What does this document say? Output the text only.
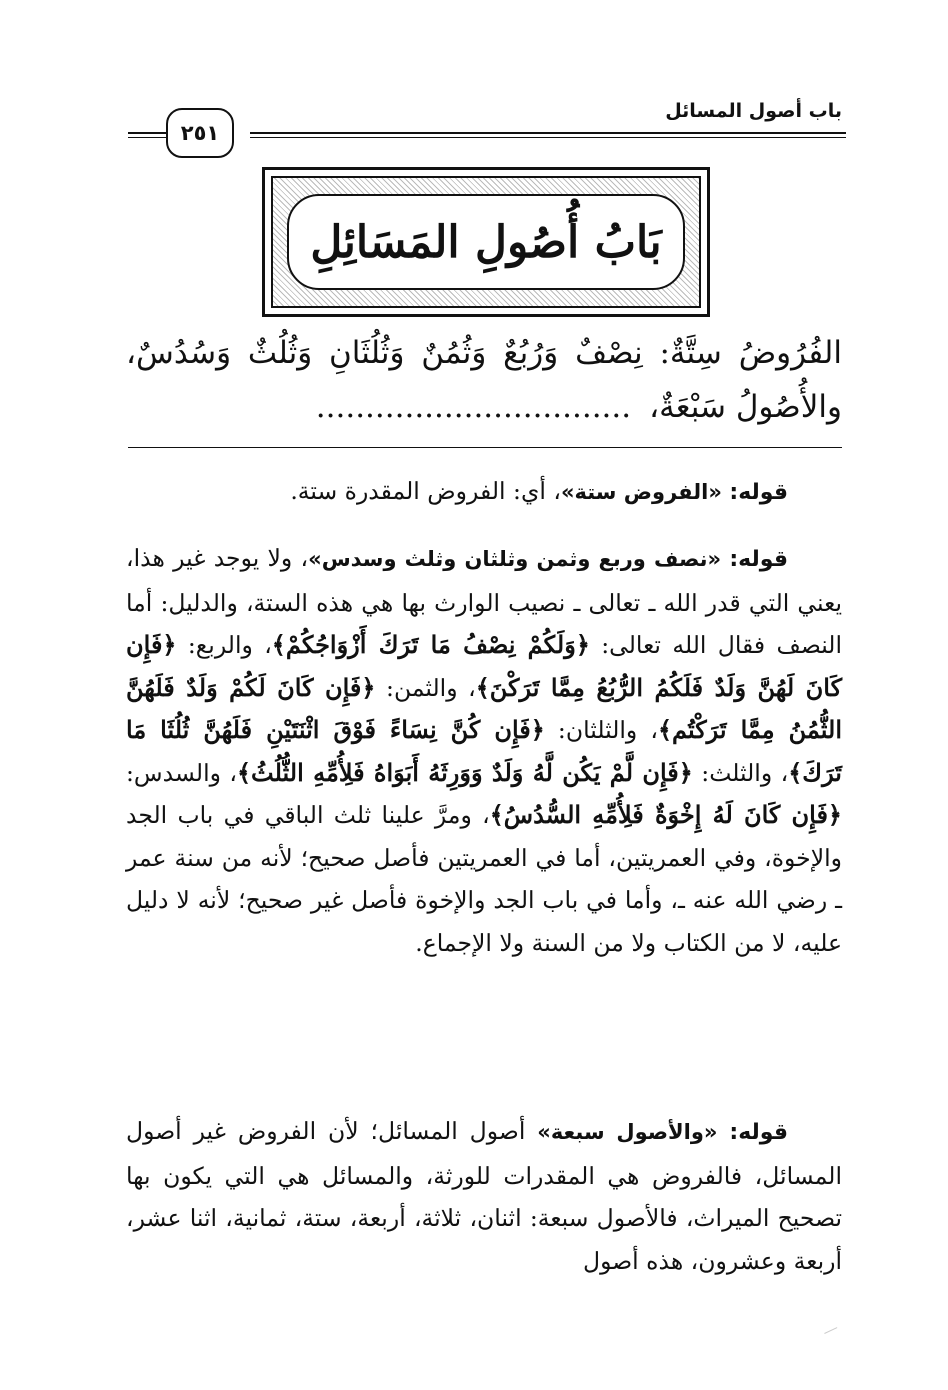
باب أصول المسائل
٢٥١
بَابُ أُصُولِ المَسَائِلِ
الفُرُوضُ سِتَّةٌ: نِصْفٌ وَرُبُعٌ وَثُمُنٌ وَثُلُثَانِ وَثُلُثٌ وَسُدُسٌ، والأُصُولُ سَبْعَةٌ،................................
قوله: «الفروض ستة»، أي: الفروض المقدرة ستة.
قوله: «نصف وربع وثمن وثلثان وثلث وسدس»، ولا يوجد غير هذا، يعني التي قدر الله ـ تعالى ـ نصيب الوارث بها هي هذه الستة، والدليل: أما النصف فقال الله تعالى: ﴿وَلَكُمْ نِصْفُ مَا تَرَكَ أَزْوَاجُكُمْ﴾، والربع: ﴿فَإِن كَانَ لَهُنَّ وَلَدٌ فَلَكُمُ الرُّبُعُ مِمَّا تَرَكْنَ﴾، والثمن: ﴿فَإِن كَانَ لَكُمْ وَلَدٌ فَلَهُنَّ الثُّمُنُ مِمَّا تَرَكْتُم﴾، والثلثان: ﴿فَإِن كُنَّ نِسَاءً فَوْقَ اثْنَتَيْنِ فَلَهُنَّ ثُلُثَا مَا تَرَكَ﴾، والثلث: ﴿فَإِن لَّمْ يَكُن لَّهُ وَلَدٌ وَوَرِثَهُ أَبَوَاهُ فَلِأُمِّهِ الثُّلُثُ﴾، والسدس: ﴿فَإِن كَانَ لَهُ إِخْوَةٌ فَلِأُمِّهِ السُّدُسُ﴾، ومرَّ علينا ثلث الباقي في باب الجد والإخوة، وفي العمريتين، أما في العمريتين فأصل صحيح؛ لأنه من سنة عمر ـ رضي الله عنه ـ، وأما في باب الجد والإخوة فأصل غير صحيح؛ لأنه لا دليل عليه، لا من الكتاب ولا من السنة ولا الإجماع.
قوله: «والأصول سبعة» أصول المسائل؛ لأن الفروض غير أصول المسائل، فالفروض هي المقدرات للورثة، والمسائل هي التي يكون بها تصحيح الميراث، فالأصول سبعة: اثنان، ثلاثة، أربعة، ستة، ثمانية، اثنا عشر، أربعة وعشرون، هذه أصول
